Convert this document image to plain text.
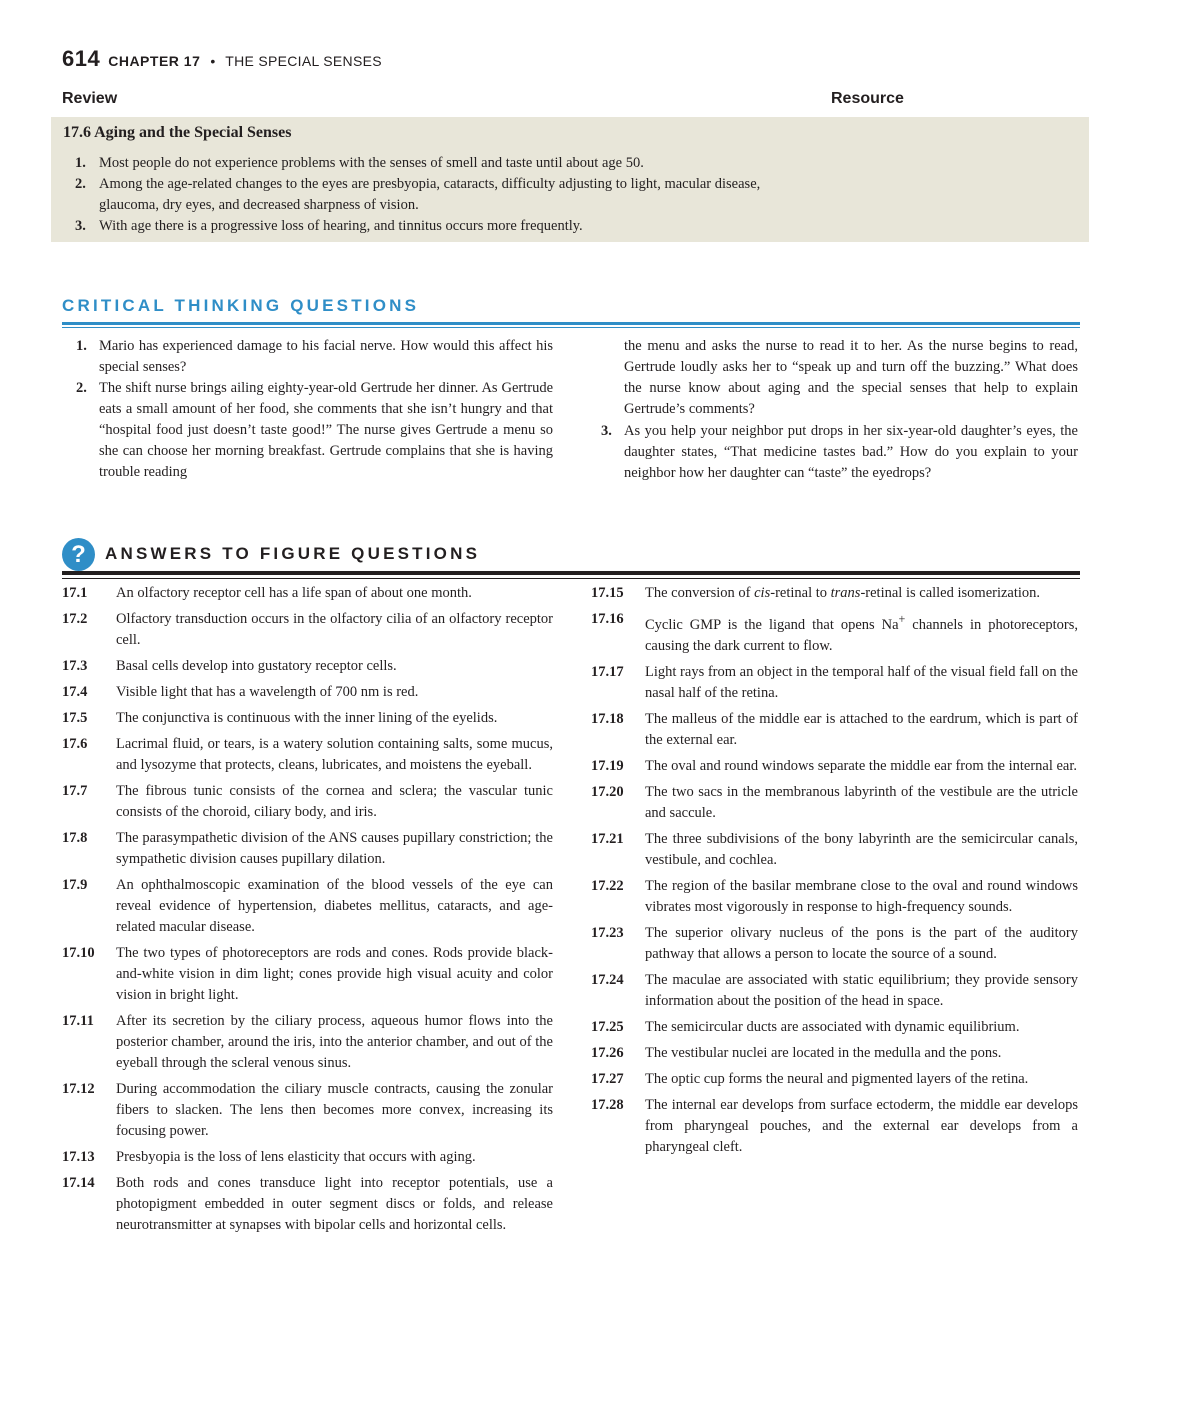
614 CHAPTER 17 • THE SPECIAL SENSES
Review	Resource
17.6 Aging and the Special Senses
1. Most people do not experience problems with the senses of smell and taste until about age 50.
2. Among the age-related changes to the eyes are presbyopia, cataracts, difficulty adjusting to light, macular disease, glaucoma, dry eyes, and decreased sharpness of vision.
3. With age there is a progressive loss of hearing, and tinnitus occurs more frequently.
CRITICAL THINKING QUESTIONS
1. Mario has experienced damage to his facial nerve. How would this affect his special senses?
2. The shift nurse brings ailing eighty-year-old Gertrude her dinner. As Gertrude eats a small amount of her food, she comments that she isn’t hungry and that “hospital food just doesn’t taste good!” The nurse gives Gertrude a menu so she can choose her morning breakfast. Gertrude complains that she is having trouble reading
the menu and asks the nurse to read it to her. As the nurse begins to read, Gertrude loudly asks her to “speak up and turn off the buzzing.” What does the nurse know about aging and the special senses that help to explain Gertrude’s comments?
3. As you help your neighbor put drops in her six-year-old daughter’s eyes, the daughter states, “That medicine tastes bad.” How do you explain to your neighbor how her daughter can “taste” the eyedrops?
?	ANSWERS TO FIGURE QUESTIONS
17.1 An olfactory receptor cell has a life span of about one month.
17.2 Olfactory transduction occurs in the olfactory cilia of an olfactory receptor cell.
17.3 Basal cells develop into gustatory receptor cells.
17.4 Visible light that has a wavelength of 700 nm is red.
17.5 The conjunctiva is continuous with the inner lining of the eyelids.
17.6 Lacrimal fluid, or tears, is a watery solution containing salts, some mucus, and lysozyme that protects, cleans, lubricates, and moistens the eyeball.
17.7 The fibrous tunic consists of the cornea and sclera; the vascular tunic consists of the choroid, ciliary body, and iris.
17.8 The parasympathetic division of the ANS causes pupillary constriction; the sympathetic division causes pupillary dilation.
17.9 An ophthalmoscopic examination of the blood vessels of the eye can reveal evidence of hypertension, diabetes mellitus, cataracts, and age-related macular disease.
17.10 The two types of photoreceptors are rods and cones. Rods provide black-and-white vision in dim light; cones provide high visual acuity and color vision in bright light.
17.11 After its secretion by the ciliary process, aqueous humor flows into the posterior chamber, around the iris, into the anterior chamber, and out of the eyeball through the scleral venous sinus.
17.12 During accommodation the ciliary muscle contracts, causing the zonular fibers to slacken. The lens then becomes more convex, increasing its focusing power.
17.13 Presbyopia is the loss of lens elasticity that occurs with aging.
17.14 Both rods and cones transduce light into receptor potentials, use a photopigment embedded in outer segment discs or folds, and release neurotransmitter at synapses with bipolar cells and horizontal cells.
17.15 The conversion of cis-retinal to trans-retinal is called isomerization.
17.16 Cyclic GMP is the ligand that opens Na+ channels in photoreceptors, causing the dark current to flow.
17.17 Light rays from an object in the temporal half of the visual field fall on the nasal half of the retina.
17.18 The malleus of the middle ear is attached to the eardrum, which is part of the external ear.
17.19 The oval and round windows separate the middle ear from the internal ear.
17.20 The two sacs in the membranous labyrinth of the vestibule are the utricle and saccule.
17.21 The three subdivisions of the bony labyrinth are the semicircular canals, vestibule, and cochlea.
17.22 The region of the basilar membrane close to the oval and round windows vibrates most vigorously in response to high-frequency sounds.
17.23 The superior olivary nucleus of the pons is the part of the auditory pathway that allows a person to locate the source of a sound.
17.24 The maculae are associated with static equilibrium; they provide sensory information about the position of the head in space.
17.25 The semicircular ducts are associated with dynamic equilibrium.
17.26 The vestibular nuclei are located in the medulla and the pons.
17.27 The optic cup forms the neural and pigmented layers of the retina.
17.28 The internal ear develops from surface ectoderm, the middle ear develops from pharyngeal pouches, and the external ear develops from a pharyngeal cleft.
